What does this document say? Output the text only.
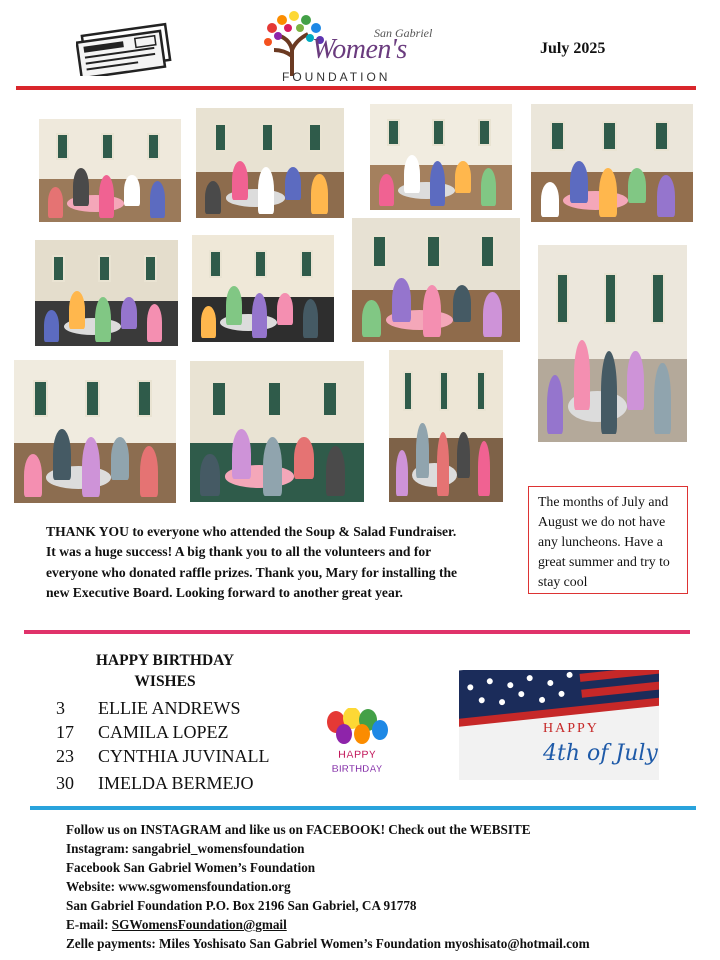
San Gabriel
Women's
FOUNDATION
July 2025
THANK YOU to everyone who attended the Soup & Salad Fundraiser. It was a huge success! A big thank you to all the volunteers and for everyone who donated raffle prizes. Thank you, Mary for installing the new Executive Board. Looking forward to another great year.
The months of July and August we do not have any luncheons. Have a great summer and try to stay cool
HAPPY BIRTHDAY
WISHES
3 ELLIE ANDREWS
17 CAMILA LOPEZ
23 CYNTHIA JUVINALL
30 IMELDA BERMEJO
HAPPY
BIRTHDAY
HAPPY
4th of July
Follow us on INSTAGRAM and like us on FACEBOOK! Check out the WEBSITE
Instagram: sangabriel_womensfoundation
Facebook San Gabriel Women’s Foundation
Website: www.sgwomensfoundation.org
San Gabriel Foundation P.O. Box 2196 San Gabriel, CA 91778
E-mail: SGWomensFoundation@gmail
Zelle payments: Miles Yoshisato San Gabriel Women’s Foundation myoshisato@hotmail.com
